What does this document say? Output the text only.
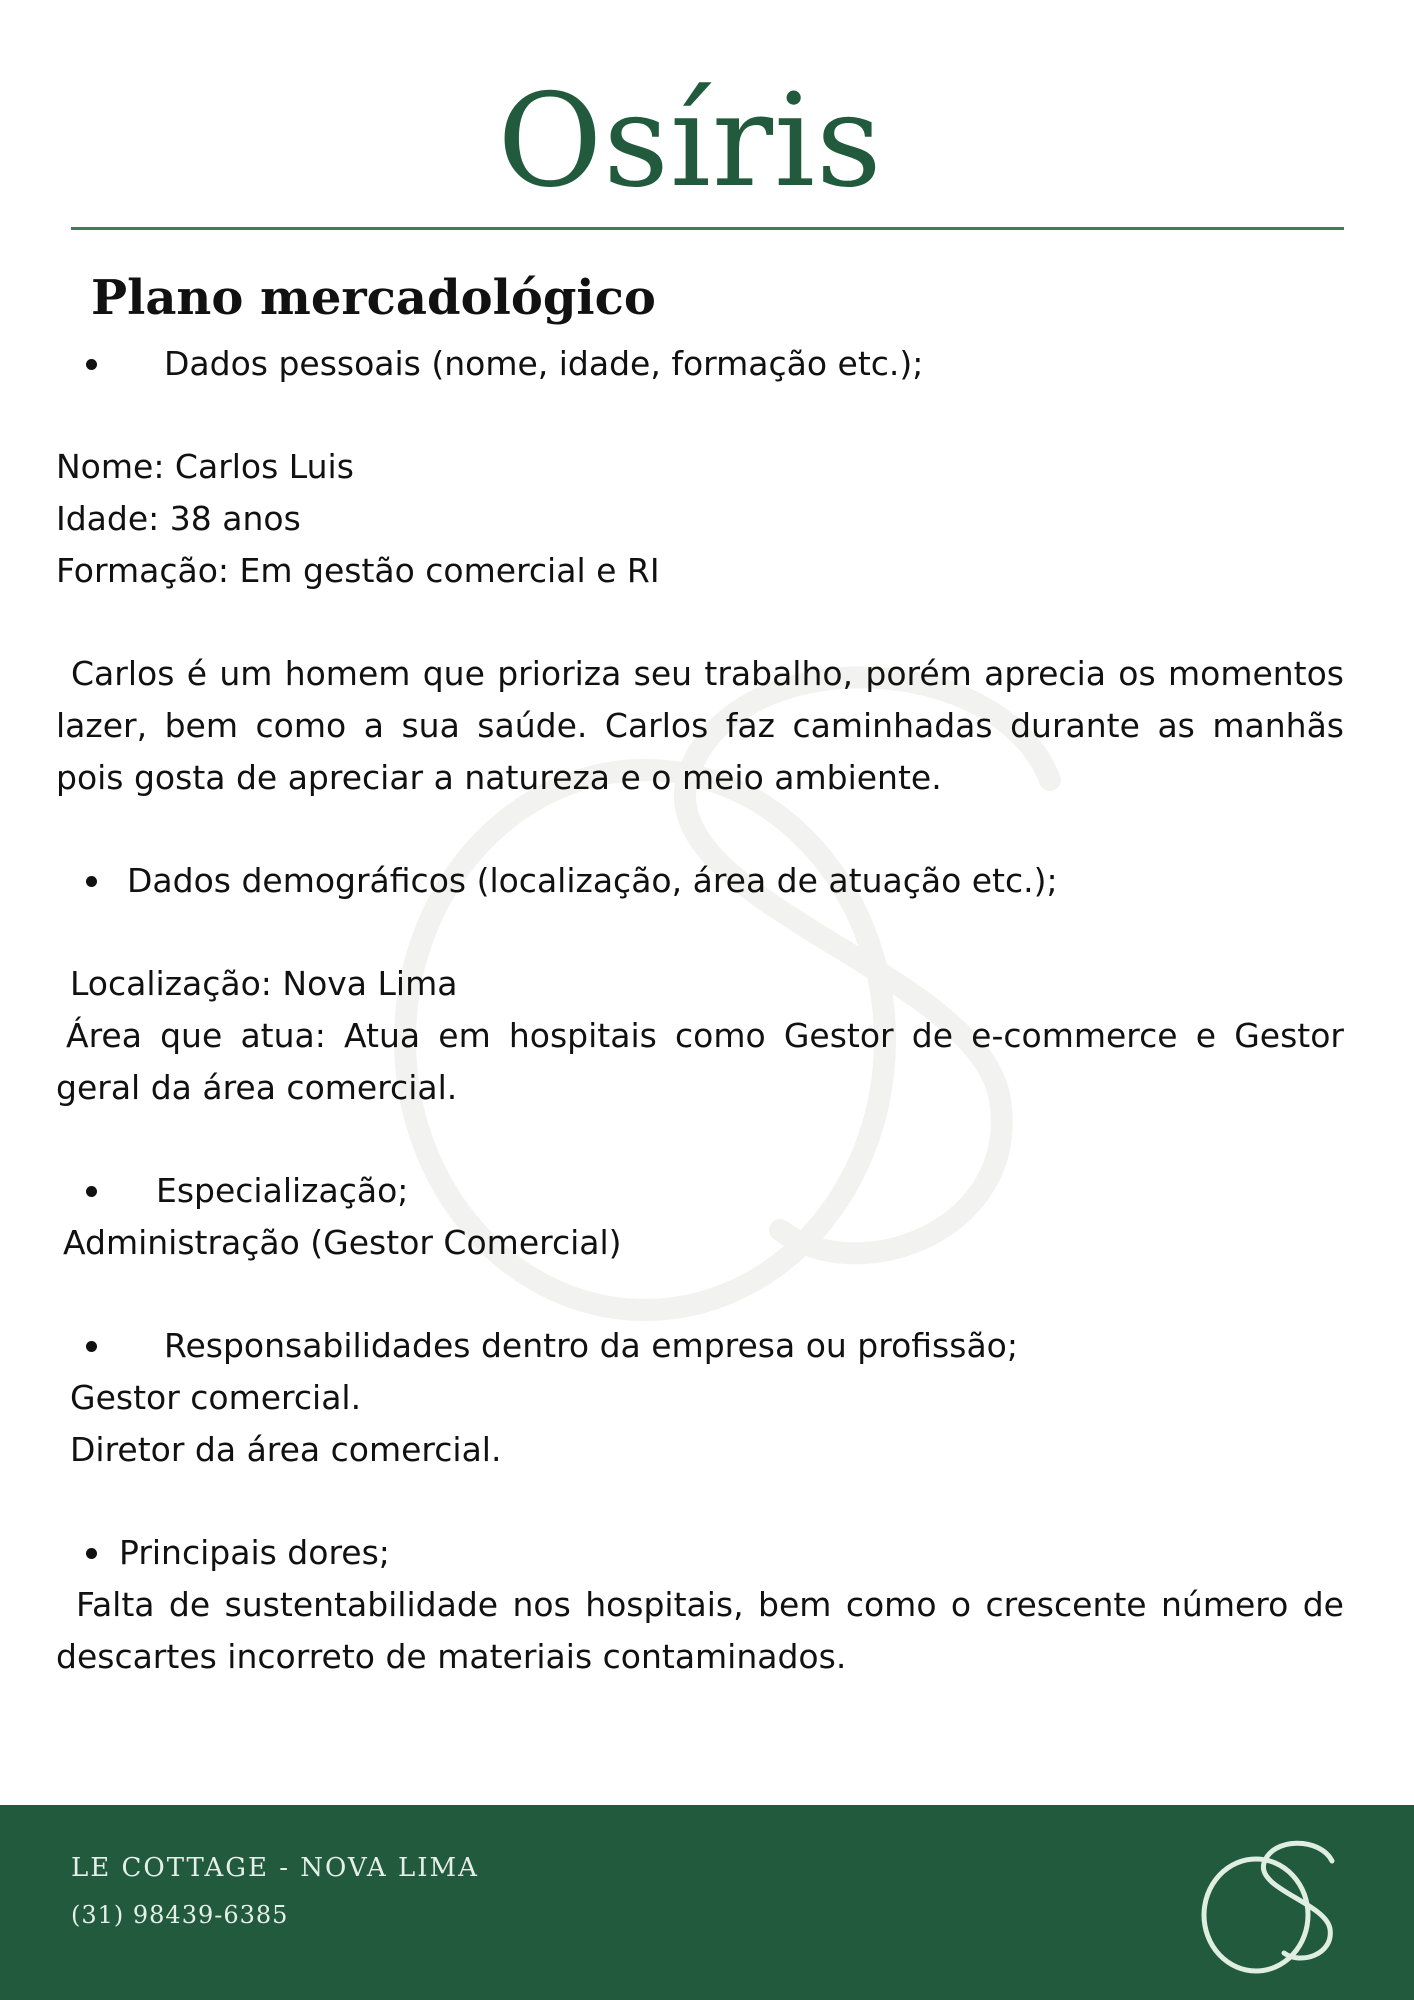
Osíris
Plano mercadológico
Dados pessoais (nome, idade, formação etc.);
Nome: Carlos Luis
Idade: 38 anos
Formação: Em gestão comercial e RI
Carlos é um homem que prioriza seu trabalho, porém aprecia os momentos lazer, bem como a sua saúde. Carlos faz caminhadas durante as manhãs pois gosta de apreciar a natureza e o meio ambiente.
Dados demográficos (localização, área de atuação etc.);
Localização: Nova Lima
Área que atua: Atua em hospitais como Gestor de e-commerce e Gestor geral da área comercial.
Especialização;
Administração (Gestor Comercial)
Responsabilidades dentro da empresa ou profissão;
Gestor comercial.
Diretor da área comercial.
Principais dores;
Falta de sustentabilidade nos hospitais, bem como o crescente número de descartes incorreto de materiais contaminados.
LE COTTAGE - NOVA LIMA
(31) 98439-6385
